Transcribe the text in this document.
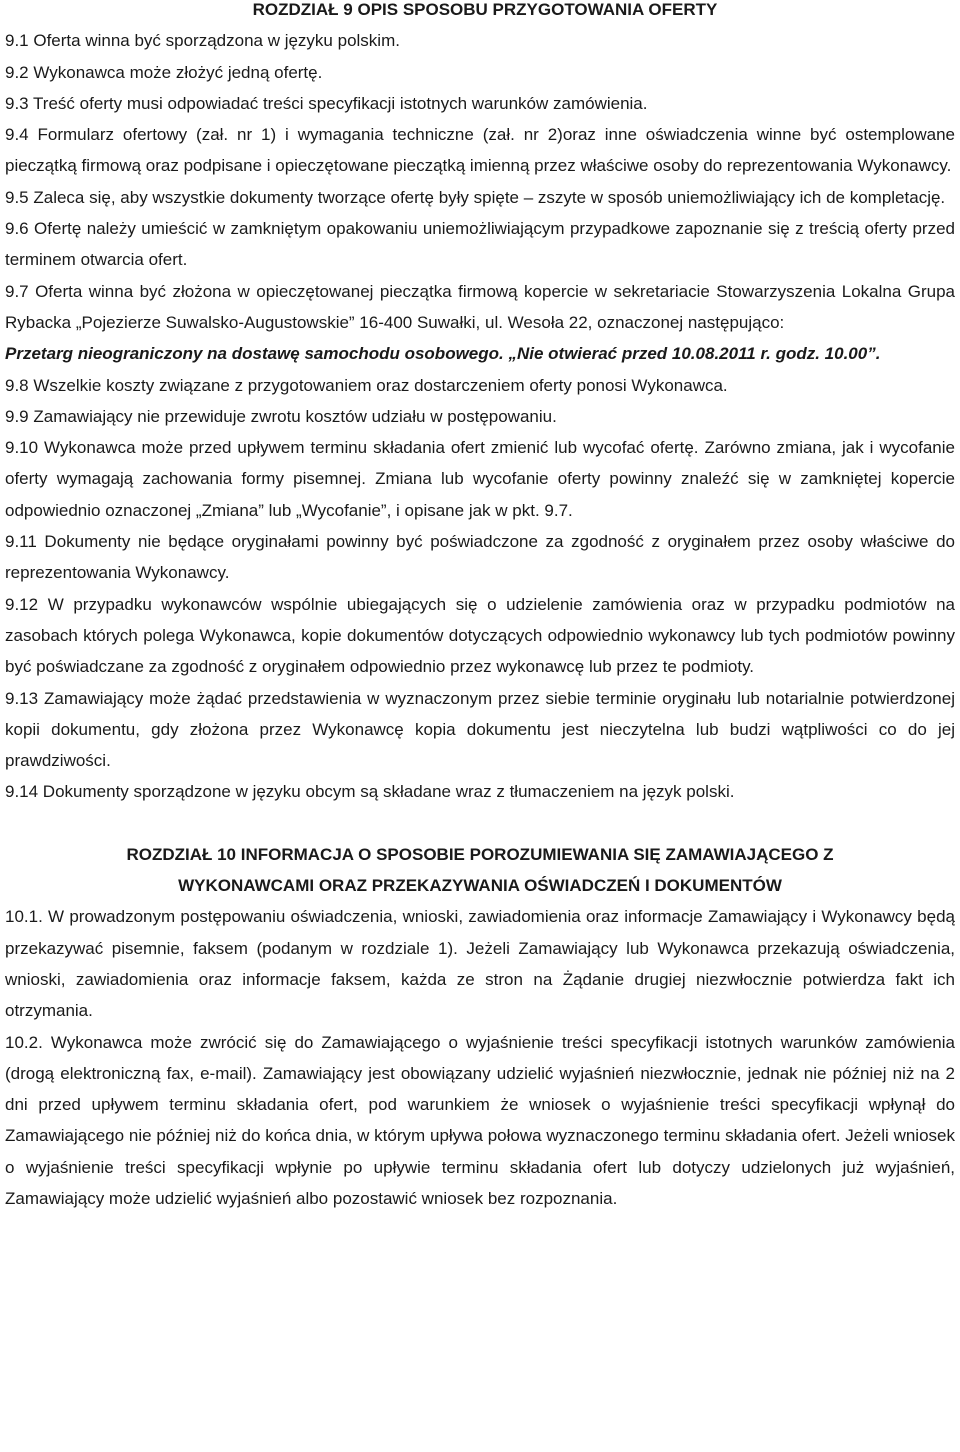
ROZDZIAŁ 9 OPIS SPOSOBU PRZYGOTOWANIA OFERTY

9.1 Oferta winna być sporządzona w języku polskim.

9.2 Wykonawca może złożyć jedną ofertę.

9.3 Treść oferty musi odpowiadać treści specyfikacji istotnych warunków zamówienia.

9.4 Formularz ofertowy (zał. nr 1) i wymagania techniczne (zał. nr 2)oraz inne oświadczenia winne być ostemplowane pieczątką firmową oraz podpisane i opieczętowane pieczątką imienną przez właściwe osoby do reprezentowania Wykonawcy.

9.5 Zaleca się, aby wszystkie dokumenty tworzące ofertę były spięte – zszyte w sposób uniemożliwiający ich de kompletację.

9.6 Ofertę należy umieścić w zamkniętym opakowaniu uniemożliwiającym przypadkowe zapoznanie się z treścią oferty przed terminem otwarcia ofert.

9.7 Oferta winna być złożona w opieczętowanej pieczątka firmową kopercie w sekretariacie Stowarzyszenia Lokalna Grupa Rybacka „Pojezierze Suwalsko-Augustowskie” 16-400 Suwałki, ul. Wesoła 22, oznaczonej następująco:

Przetarg nieograniczony na dostawę samochodu osobowego. „Nie otwierać przed 10.08.2011 r. godz. 10.00”.

9.8 Wszelkie koszty związane z przygotowaniem oraz dostarczeniem oferty ponosi Wykonawca.

9.9 Zamawiający nie przewiduje zwrotu kosztów udziału w postępowaniu.

9.10 Wykonawca może przed upływem terminu składania ofert zmienić lub wycofać ofertę. Zarówno zmiana, jak i wycofanie oferty wymagają zachowania formy pisemnej. Zmiana lub wycofanie oferty powinny znaleźć się w zamkniętej kopercie odpowiednio oznaczonej „Zmiana” lub „Wycofanie”, i opisane jak w pkt. 9.7.

9.11 Dokumenty nie będące oryginałami powinny być poświadczone za zgodność z oryginałem przez osoby właściwe do reprezentowania Wykonawcy.

9.12 W przypadku wykonawców wspólnie ubiegających się o udzielenie zamówienia oraz w przypadku podmiotów na zasobach których polega Wykonawca, kopie dokumentów dotyczących odpowiednio wykonawcy lub tych podmiotów powinny być poświadczane za zgodność z oryginałem odpowiednio przez wykonawcę lub przez te podmioty.

9.13 Zamawiający może żądać przedstawienia w wyznaczonym przez siebie terminie oryginału lub notarialnie potwierdzonej kopii dokumentu, gdy złożona przez Wykonawcę kopia dokumentu jest nieczytelna lub budzi wątpliwości co do jej prawdziwości.

9.14 Dokumenty sporządzone w języku obcym są składane wraz z tłumaczeniem na język polski.

ROZDZIAŁ 10 INFORMACJA O SPOSOBIE POROZUMIEWANIA SIĘ ZAMAWIAJĄCEGO Z
WYKONAWCAMI ORAZ PRZEKAZYWANIA OŚWIADCZEŃ I DOKUMENTÓW

10.1. W prowadzonym postępowaniu oświadczenia, wnioski, zawiadomienia oraz informacje Zamawiający i Wykonawcy będą przekazywać pisemnie, faksem (podanym w rozdziale 1). Jeżeli Zamawiający lub Wykonawca przekazują oświadczenia, wnioski, zawiadomienia oraz informacje faksem, każda ze stron na Żądanie drugiej niezwłocznie potwierdza fakt ich otrzymania.

10.2. Wykonawca może zwrócić się do Zamawiającego o wyjaśnienie treści specyfikacji istotnych warunków zamówienia (drogą elektroniczną fax, e-mail). Zamawiający jest obowiązany udzielić wyjaśnień niezwłocznie, jednak nie później niż na 2 dni przed upływem terminu składania ofert, pod warunkiem że wniosek o wyjaśnienie treści specyfikacji wpłynął do Zamawiającego nie później niż do końca dnia, w którym upływa połowa wyznaczonego terminu składania ofert. Jeżeli wniosek o wyjaśnienie treści specyfikacji wpłynie po upływie terminu składania ofert lub dotyczy udzielonych już wyjaśnień, Zamawiający może udzielić wyjaśnień albo pozostawić wniosek bez rozpoznania.
